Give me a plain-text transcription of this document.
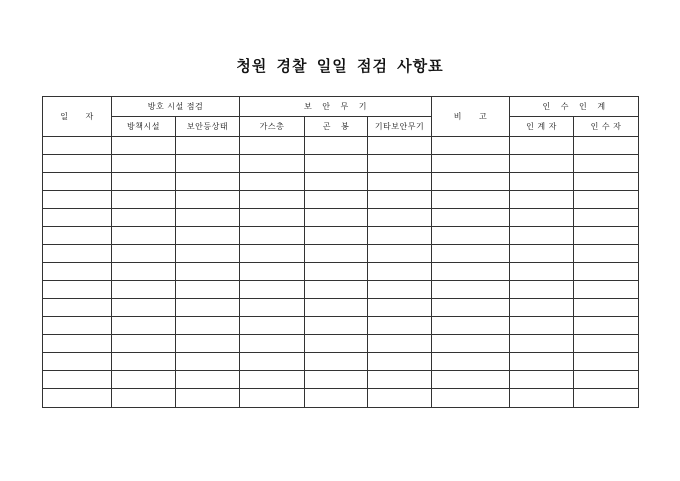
청원 경찰 일일 점검 사항표
일 자	방호 시설 점검		보 안 무 기			비 고	인 수 인 계	
	방책시설	보안등상태	가스총	곤 봉	기타보안무기		인 계 자	인 수 자
